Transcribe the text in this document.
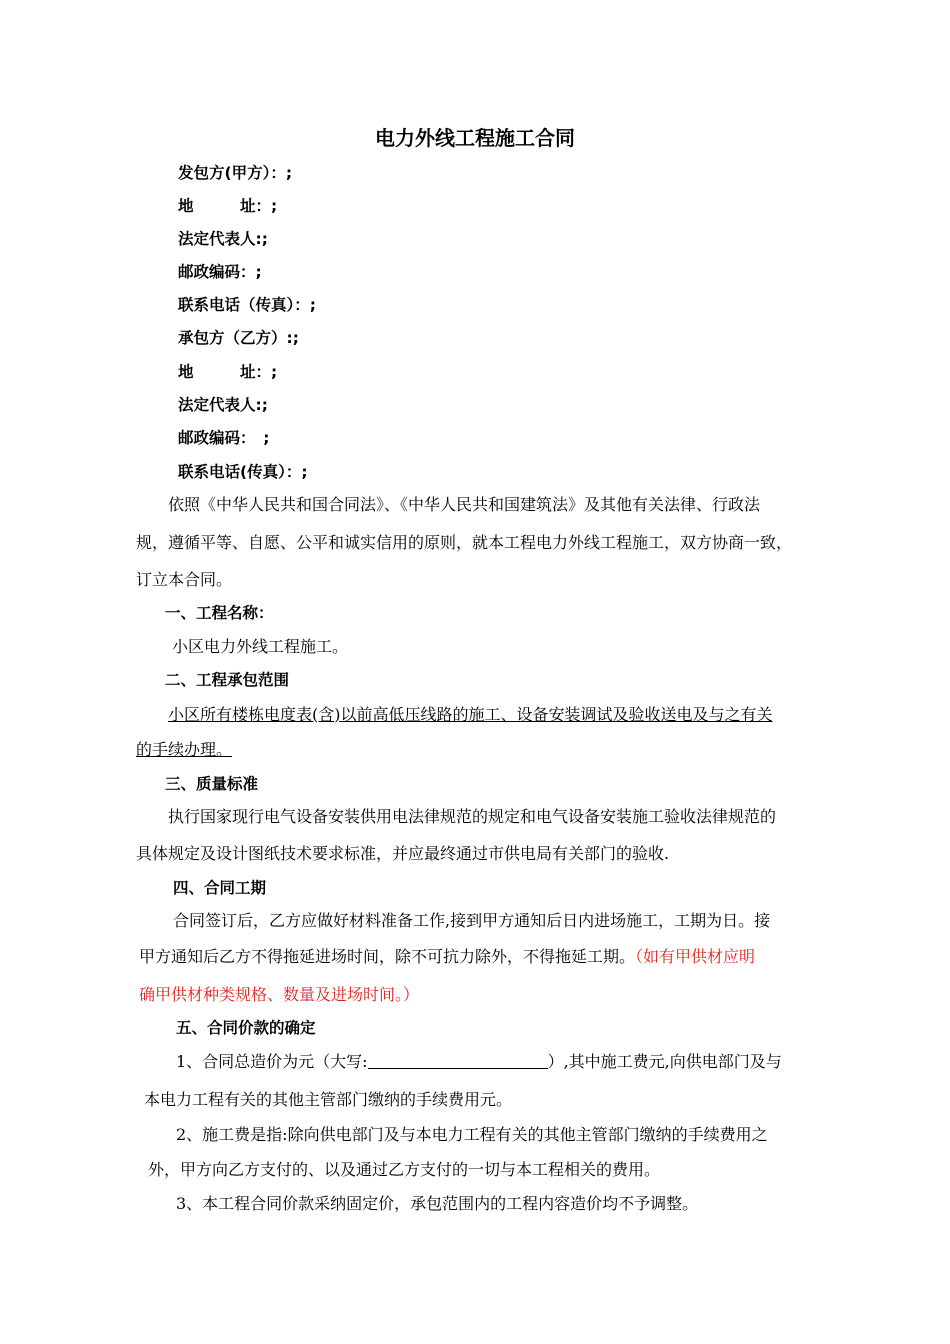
电力外线工程施工合同
发包方(甲方）：;
地　　　址：;
法定代表人:;
邮政编码：;
联系电话（传真）：;
承包方（乙方）:;
地　　　址：;
法定代表人:;
邮政编码：　;
联系电话(传真）：;
依照《中华人民共和国合同法》、《中华人民共和国建筑法》及其他有关法律、行政法
规，遵循平等、自愿、公平和诚实信用的原则，就本工程电力外线工程施工，双方协商一致，
订立本合同。
一、工程名称：
小区电力外线工程施工。
二、工程承包范围
小区所有楼栋电度表(含)以前高低压线路的施工、设备安装调试及验收送电及与之有关
的手续办理。
三、质量标准
执行国家现行电气设备安装供用电法律规范的规定和电气设备安装施工验收法律规范的
具体规定及设计图纸技术要求标准，并应最终通过市供电局有关部门的验收.
四、合同工期
合同签订后，乙方应做好材料准备工作,接到甲方通知后日内进场施工，工期为日。接
甲方通知后乙方不得拖延进场时间，除不可抗力除外，不得拖延工期。（如有甲供材应明
确甲供材种类规格、数量及进场时间。）
五、合同价款的确定
1、合同总造价为元（大写:	）,其中施工费元,向供电部门及与
本电力工程有关的其他主管部门缴纳的手续费用元。
2、施工费是指:除向供电部门及与本电力工程有关的其他主管部门缴纳的手续费用之
外，甲方向乙方支付的、以及通过乙方支付的一切与本工程相关的费用。
3、本工程合同价款采纳固定价，承包范围内的工程内容造价均不予调整。
